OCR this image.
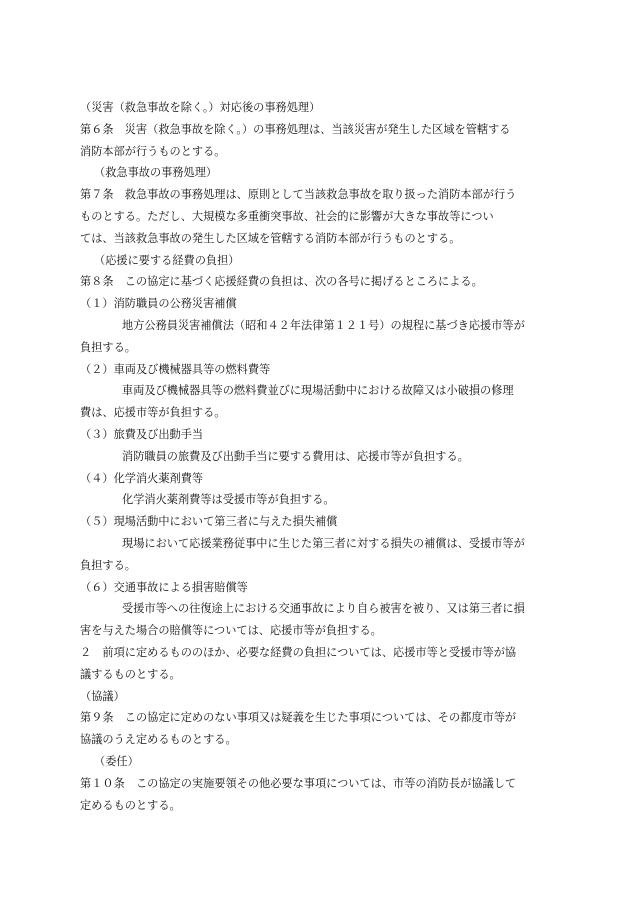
（災害（救急事故を除く。）対応後の事務処理）
第６条　災害（救急事故を除く。）の事務処理は、当該災害が発生した区域を管轄する
消防本部が行うものとする。
（救急事故の事務処理）
第７条　救急事故の事務処理は、原則として当該救急事故を取り扱った消防本部が行う
ものとする。ただし、大規模な多重衝突事故、社会的に影響が大きな事故等につい
ては、当該救急事故の発生した区域を管轄する消防本部が行うものとする。
（応援に要する経費の負担）
第８条　この協定に基づく応援経費の負担は、次の各号に掲げるところによる。
（１）消防職員の公務災害補償
地方公務員災害補償法（昭和４２年法律第１２１号）の規程に基づき応援市等が
負担する。
（２）車両及び機械器具等の燃料費等
車両及び機械器具等の燃料費並びに現場活動中における故障又は小破損の修理
費は、応援市等が負担する。
（３）旅費及び出動手当
消防職員の旅費及び出動手当に要する費用は、応援市等が負担する。
（４）化学消火薬剤費等
化学消火薬剤費等は受援市等が負担する。
（５）現場活動中において第三者に与えた損失補償
現場において応援業務従事中に生じた第三者に対する損失の補償は、受援市等が
負担する。
（６）交通事故による損害賠償等
受援市等への往復途上における交通事故により自ら被害を被り、又は第三者に損
害を与えた場合の賠償等については、応援市等が負担する。
２　前項に定めるもののほか、必要な経費の負担については、応援市等と受援市等が協
議するものとする。
（協議）
第９条　この協定に定めのない事項又は疑義を生じた事項については、その都度市等が
協議のうえ定めるものとする。
（委任）
第１０条　この協定の実施要領その他必要な事項については、市等の消防長が協議して
定めるものとする。
